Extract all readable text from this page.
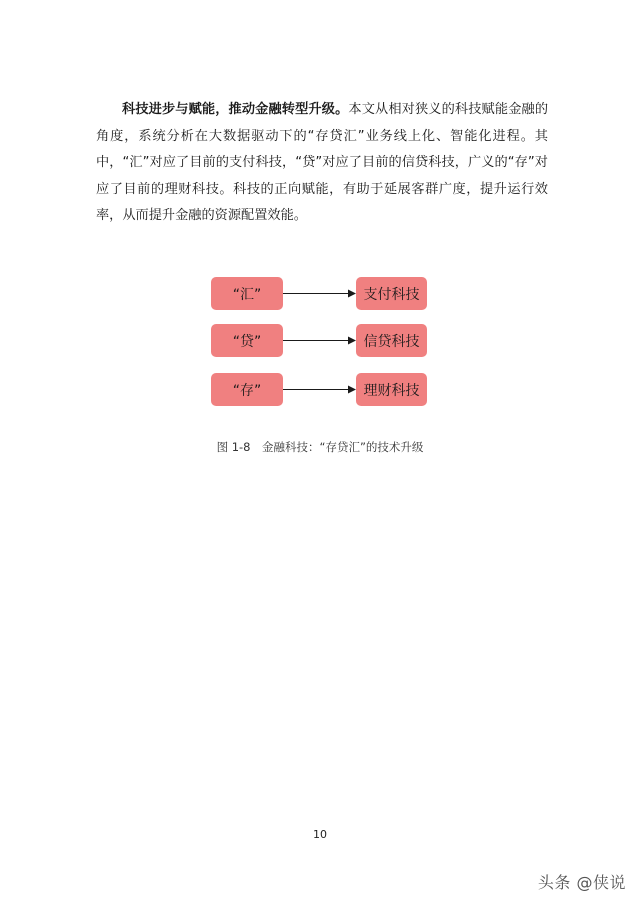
科技进步与赋能，推动金融转型升级。本文从相对狭义的科技赋能金融的角度，系统分析在大数据驱动下的“存贷汇”业务线上化、智能化进程。其中，“汇”对应了目前的支付科技，“贷”对应了目前的信贷科技，广义的“存”对应了目前的理财科技。科技的正向赋能，有助于延展客群广度，提升运行效率，从而提升金融的资源配置效能。

“汇”	支付科技
“贷”	信贷科技
“存”	理财科技
图 1-8　金融科技：“存贷汇”的技术升级
10
头条 @侠说
